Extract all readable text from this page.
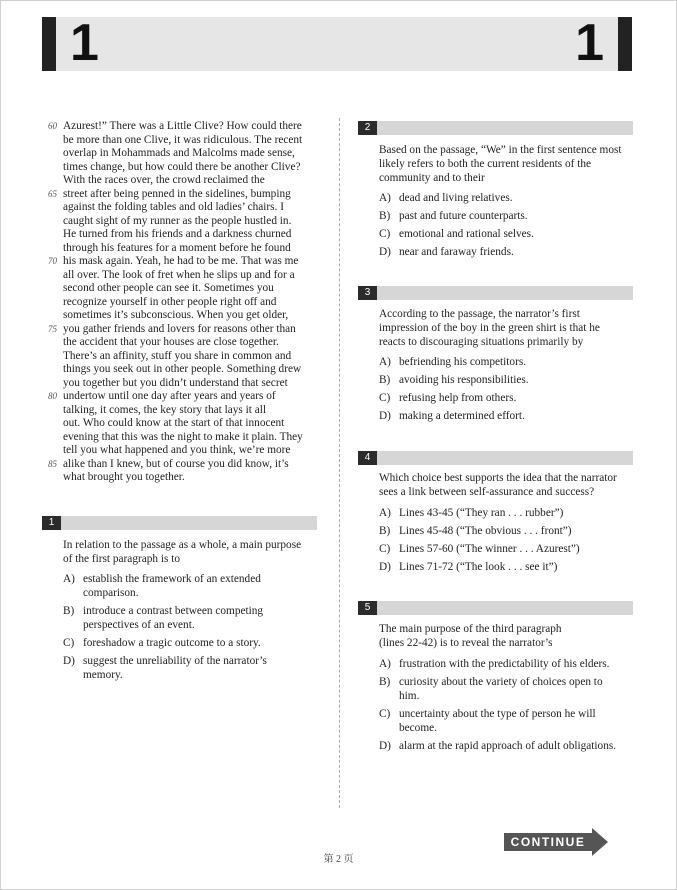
1	1
60 Azurest!” There was a Little Clive? How could there
be more than one Clive, it was ridiculous. The recent
overlap in Mohammads and Malcolms made sense,
times change, but how could there be another Clive?
With the races over, the crowd reclaimed the
65 street after being penned in the sidelines, bumping
against the folding tables and old ladies’ chairs. I
caught sight of my runner as the people hustled in.
He turned from his friends and a darkness churned
through his features for a moment before he found
70 his mask again. Yeah, he had to be me. That was me
all over. The look of fret when he slips up and for a
second other people can see it. Sometimes you
recognize yourself in other people right off and
sometimes it’s subconscious. When you get older,
75 you gather friends and lovers for reasons other than
the accident that your houses are close together.
There’s an affinity, stuff you share in common and
things you seek out in other people. Something drew
you together but you didn’t understand that secret
80 undertow until one day after years and years of
talking, it comes, the key story that lays it all
out. Who could know at the start of that innocent
evening that this was the night to make it plain. They
tell you what happened and you think, we’re more
85 alike than I knew, but of course you did know, it’s
what brought you together.
1
In relation to the passage as a whole, a main purpose
of the first paragraph is to
A) establish the framework of an extended
comparison.
B) introduce a contrast between competing
perspectives of an event.
C) foreshadow a tragic outcome to a story.
D) suggest the unreliability of the narrator’s
memory.
2
Based on the passage, “We” in the first sentence most
likely refers to both the current residents of the
community and to their
A) dead and living relatives.
B) past and future counterparts.
C) emotional and rational selves.
D) near and faraway friends.
3
According to the passage, the narrator’s first
impression of the boy in the green shirt is that he
reacts to discouraging situations primarily by
A) befriending his competitors.
B) avoiding his responsibilities.
C) refusing help from others.
D) making a determined effort.
4
Which choice best supports the idea that the narrator
sees a link between self-assurance and success?
A) Lines 43-45 (“They ran . . . rubber”)
B) Lines 45-48 (“The obvious . . . front”)
C) Lines 57-60 (“The winner . . . Azurest”)
D) Lines 71-72 (“The look . . . see it”)
5
The main purpose of the third paragraph
(lines 22-42) is to reveal the narrator’s
A) frustration with the predictability of his elders.
B) curiosity about the variety of choices open to
him.
C) uncertainty about the type of person he will
become.
D) alarm at the rapid approach of adult obligations.
CONTINUE
第 2 页
